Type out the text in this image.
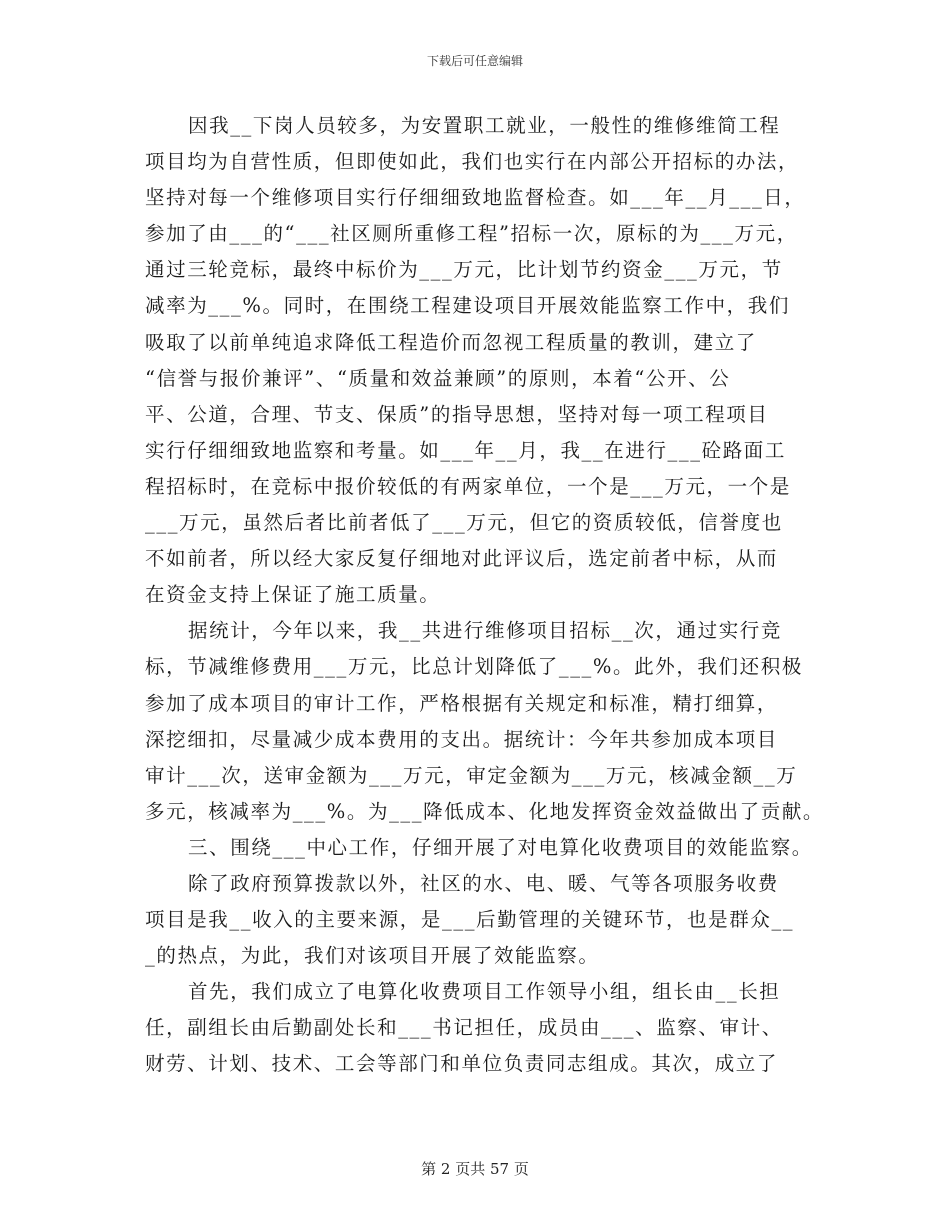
下载后可任意编辑
因我__下岗人员较多，为安置职工就业，一般性的维修维简工程
项目均为自营性质，但即使如此，我们也实行在内部公开招标的办法，
坚持对每一个维修项目实行仔细细致地监督检查。如___年__月___日，
参加了由___的“___社区厕所重修工程”招标一次，原标的为___万元，
通过三轮竞标，最终中标价为___万元，比计划节约资金___万元，节
减率为___%。同时，在围绕工程建设项目开展效能监察工作中，我们
吸取了以前单纯追求降低工程造价而忽视工程质量的教训，建立了
“信誉与报价兼评”、“质量和效益兼顾”的原则，本着“公开、公
平、公道，合理、节支、保质”的指导思想，坚持对每一项工程项目
实行仔细细致地监察和考量。如___年__月，我__在进行___砼路面工
程招标时，在竞标中报价较低的有两家单位，一个是___万元，一个是
___万元，虽然后者比前者低了___万元，但它的资质较低，信誉度也
不如前者，所以经大家反复仔细地对此评议后，选定前者中标，从而
在资金支持上保证了施工质量。
据统计，今年以来，我__共进行维修项目招标__次，通过实行竞
标，节减维修费用___万元，比总计划降低了___%。此外，我们还积极
参加了成本项目的审计工作，严格根据有关规定和标准，精打细算，
深挖细扣，尽量减少成本费用的支出。据统计：今年共参加成本项目
审计___次，送审金额为___万元，审定金额为___万元，核减金额__万
多元，核减率为___%。为___降低成本、化地发挥资金效益做出了贡献。
三、围绕___中心工作，仔细开展了对电算化收费项目的效能监察。
除了政府预算拨款以外，社区的水、电、暖、气等各项服务收费
项目是我__收入的主要来源，是___后勤管理的关键环节，也是群众__
_的热点，为此，我们对该项目开展了效能监察。
首先，我们成立了电算化收费项目工作领导小组，组长由__长担
任，副组长由后勤副处长和___书记担任，成员由___、监察、审计、
财劳、计划、技术、工会等部门和单位负责同志组成。其次，成立了
第 2 页共 57 页
